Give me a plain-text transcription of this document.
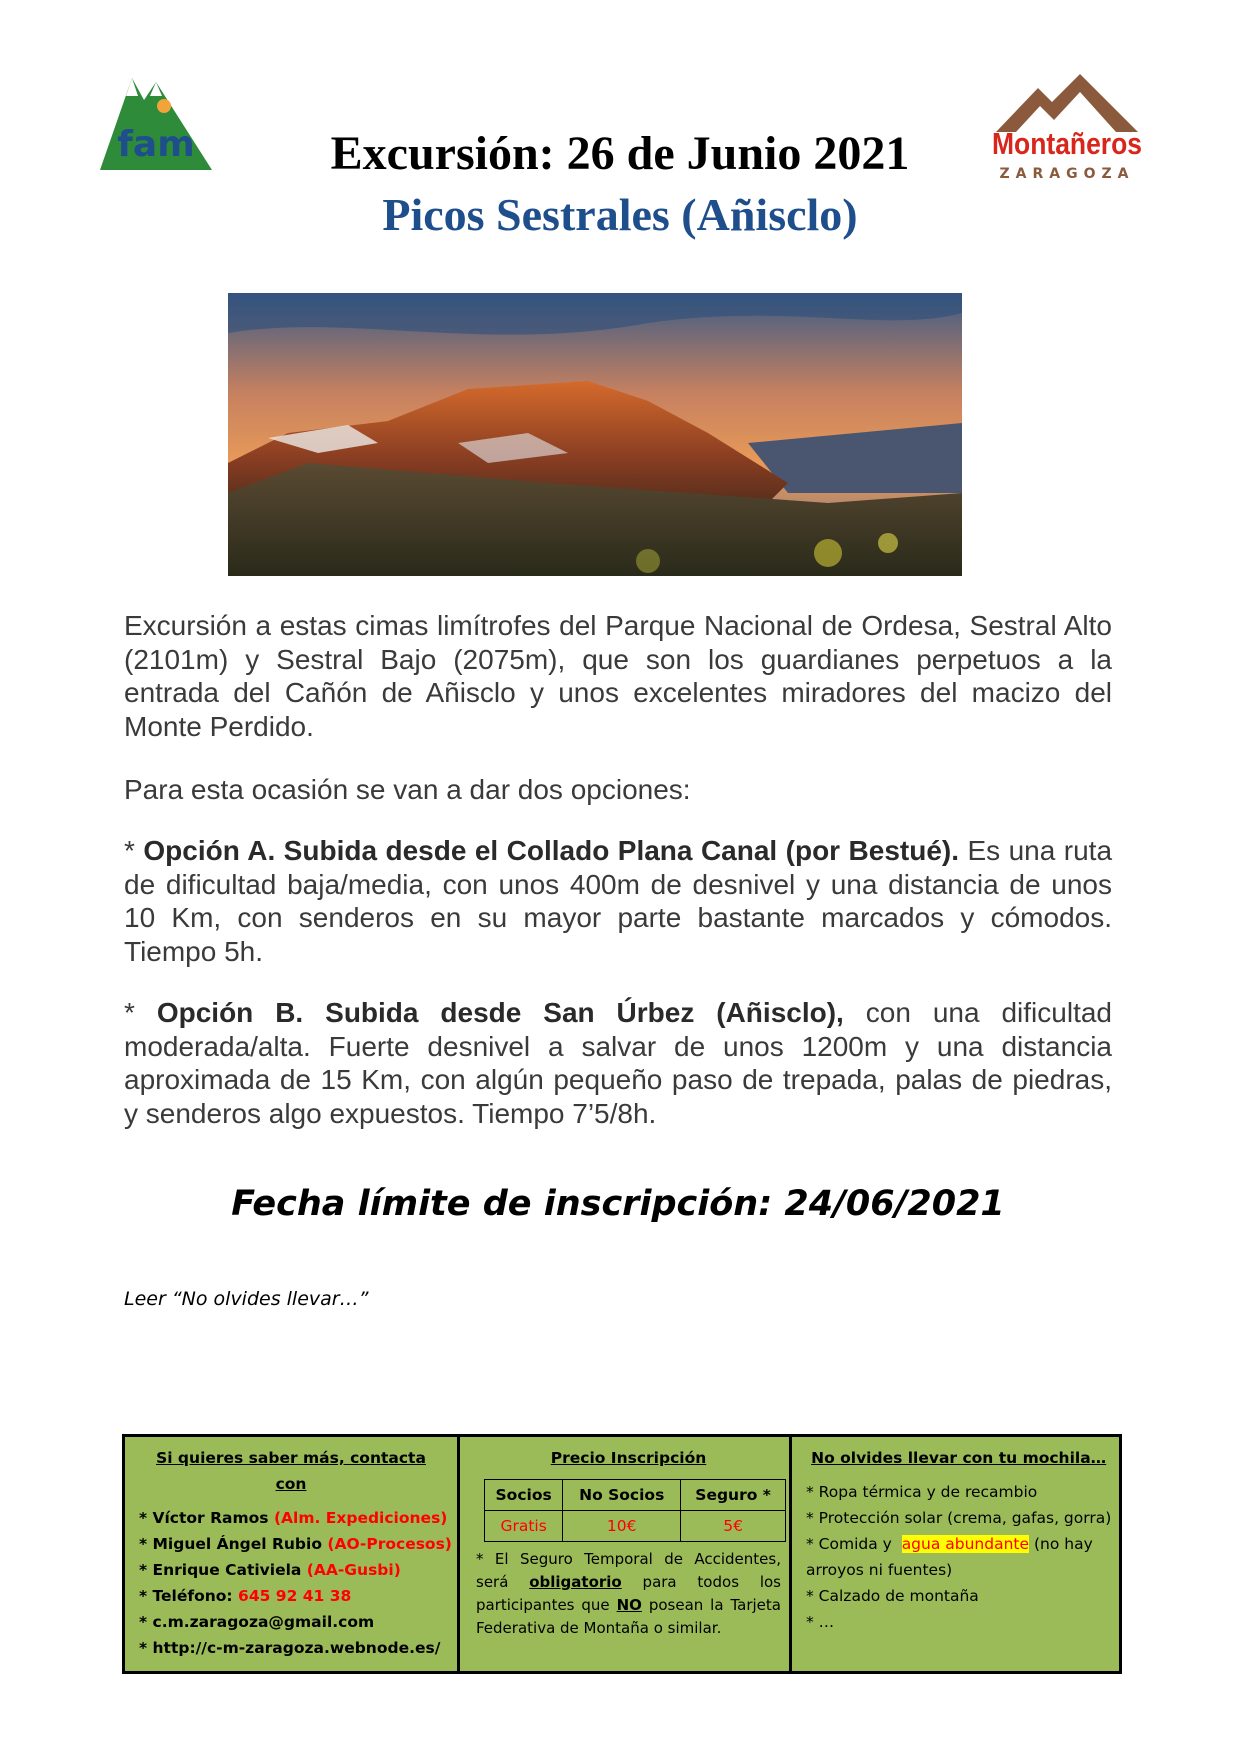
fam	Montañeros
ZARAGOZA
Excursión: 26 de Junio 2021
Picos Sestrales (Añisclo)
Excursión a estas cimas limítrofes del Parque Nacional de Ordesa, Sestral Alto (2101m) y Sestral Bajo (2075m), que son los guardianes perpetuos a la entrada del Cañón de Añisclo y unos excelentes miradores del macizo del Monte Perdido.
Para esta ocasión se van a dar dos opciones:
* Opción A. Subida desde el Collado Plana Canal (por Bestué). Es una ruta de dificultad baja/media, con unos 400m de desnivel y una distancia de unos 10 Km, con senderos en su mayor parte bastante marcados y cómodos. Tiempo 5h.
* Opción B. Subida desde San Úrbez (Añisclo), con una dificultad moderada/alta. Fuerte desnivel a salvar de unos 1200m y una distancia aproximada de 15 Km, con algún pequeño paso de trepada, palas de piedras, y senderos algo expuestos. Tiempo 7’5/8h.
Fecha límite de inscripción: 24/06/2021
Leer “No olvides llevar…”
Si quieres saber más, contacta con
* Víctor Ramos (Alm. Expediciones)
* Miguel Ángel Rubio (AO-Procesos)
* Enrique Cativiela (AA-Gusbi)
* Teléfono: 645 92 41 38
* c.m.zaragoza@gmail.com
* http://c-m-zaragoza.webnode.es/
Precio Inscripción
Socios	No Socios	Seguro *
Gratis	10€	5€
* El Seguro Temporal de Accidentes, será obligatorio para todos los participantes que NO posean la Tarjeta Federativa de Montaña o similar.
No olvides llevar con tu mochila…
* Ropa térmica y de recambio
* Protección solar (crema, gafas, gorra)
* Comida y agua abundante (no hay arroyos ni fuentes)
* Calzado de montaña
* …
